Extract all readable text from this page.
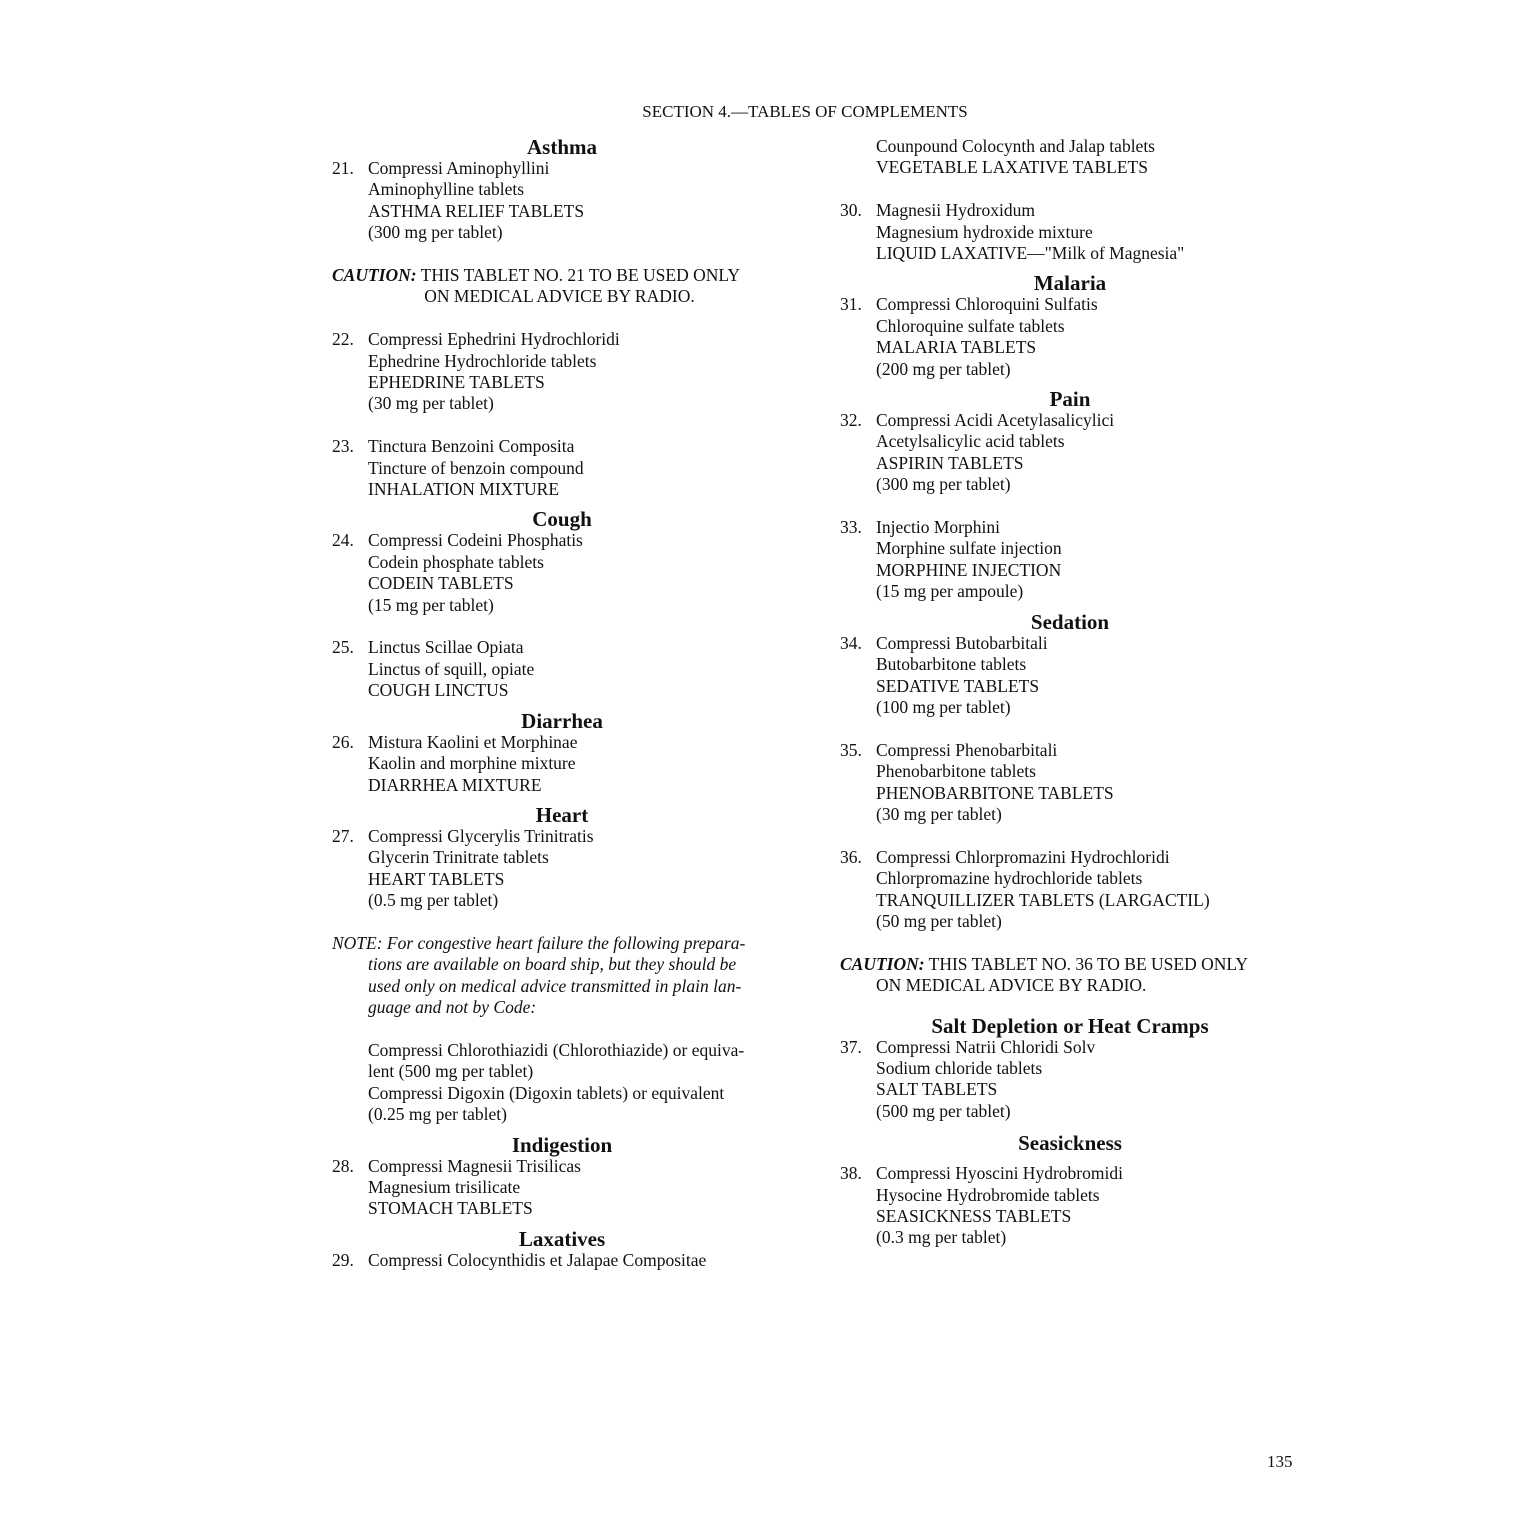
SECTION 4.—TABLES OF COMPLEMENTS
Asthma
21. Compressi Aminophyllini
Aminophylline tablets
ASTHMA RELIEF TABLETS
(300 mg per tablet)
CAUTION: THIS TABLET NO. 21 TO BE USED ONLY
ON MEDICAL ADVICE BY RADIO.
22. Compressi Ephedrini Hydrochloridi
Ephedrine Hydrochloride tablets
EPHEDRINE TABLETS
(30 mg per tablet)
23. Tinctura Benzoini Composita
Tincture of benzoin compound
INHALATION MIXTURE
Cough
24. Compressi Codeini Phosphatis
Codein phosphate tablets
CODEIN TABLETS
(15 mg per tablet)
25. Linctus Scillae Opiata
Linctus of squill, opiate
COUGH LINCTUS
Diarrhea
26. Mistura Kaolini et Morphinae
Kaolin and morphine mixture
DIARRHEA MIXTURE
Heart
27. Compressi Glycerylis Trinitratis
Glycerin Trinitrate tablets
HEART TABLETS
(0.5 mg per tablet)
NOTE: For congestive heart failure the following prepara-
tions are available on board ship, but they should be
used only on medical advice transmitted in plain lan-
guage and not by Code:
Compressi Chlorothiazidi (Chlorothiazide) or equiva-
lent (500 mg per tablet)
Compressi Digoxin (Digoxin tablets) or equivalent
(0.25 mg per tablet)
Indigestion
28. Compressi Magnesii Trisilicas
Magnesium trisilicate
STOMACH TABLETS
Laxatives
29. Compressi Colocynthidis et Jalapae Compositae
Counpound Colocynth and Jalap tablets
VEGETABLE LAXATIVE TABLETS
30. Magnesii Hydroxidum
Magnesium hydroxide mixture
LIQUID LAXATIVE—"Milk of Magnesia"
Malaria
31. Compressi Chloroquini Sulfatis
Chloroquine sulfate tablets
MALARIA TABLETS
(200 mg per tablet)
Pain
32. Compressi Acidi Acetylasalicylici
Acetylsalicylic acid tablets
ASPIRIN TABLETS
(300 mg per tablet)
33. Injectio Morphini
Morphine sulfate injection
MORPHINE INJECTION
(15 mg per ampoule)
Sedation
34. Compressi Butobarbitali
Butobarbitone tablets
SEDATIVE TABLETS
(100 mg per tablet)
35. Compressi Phenobarbitali
Phenobarbitone tablets
PHENOBARBITONE TABLETS
(30 mg per tablet)
36. Compressi Chlorpromazini Hydrochloridi
Chlorpromazine hydrochloride tablets
TRANQUILLIZER TABLETS (LARGACTIL)
(50 mg per tablet)
CAUTION: THIS TABLET NO. 36 TO BE USED ONLY
ON MEDICAL ADVICE BY RADIO.
Salt Depletion or Heat Cramps
37. Compressi Natrii Chloridi Solv
Sodium chloride tablets
SALT TABLETS
(500 mg per tablet)
Seasickness
38. Compressi Hyoscini Hydrobromidi
Hysocine Hydrobromide tablets
SEASICKNESS TABLETS
(0.3 mg per tablet)
135
